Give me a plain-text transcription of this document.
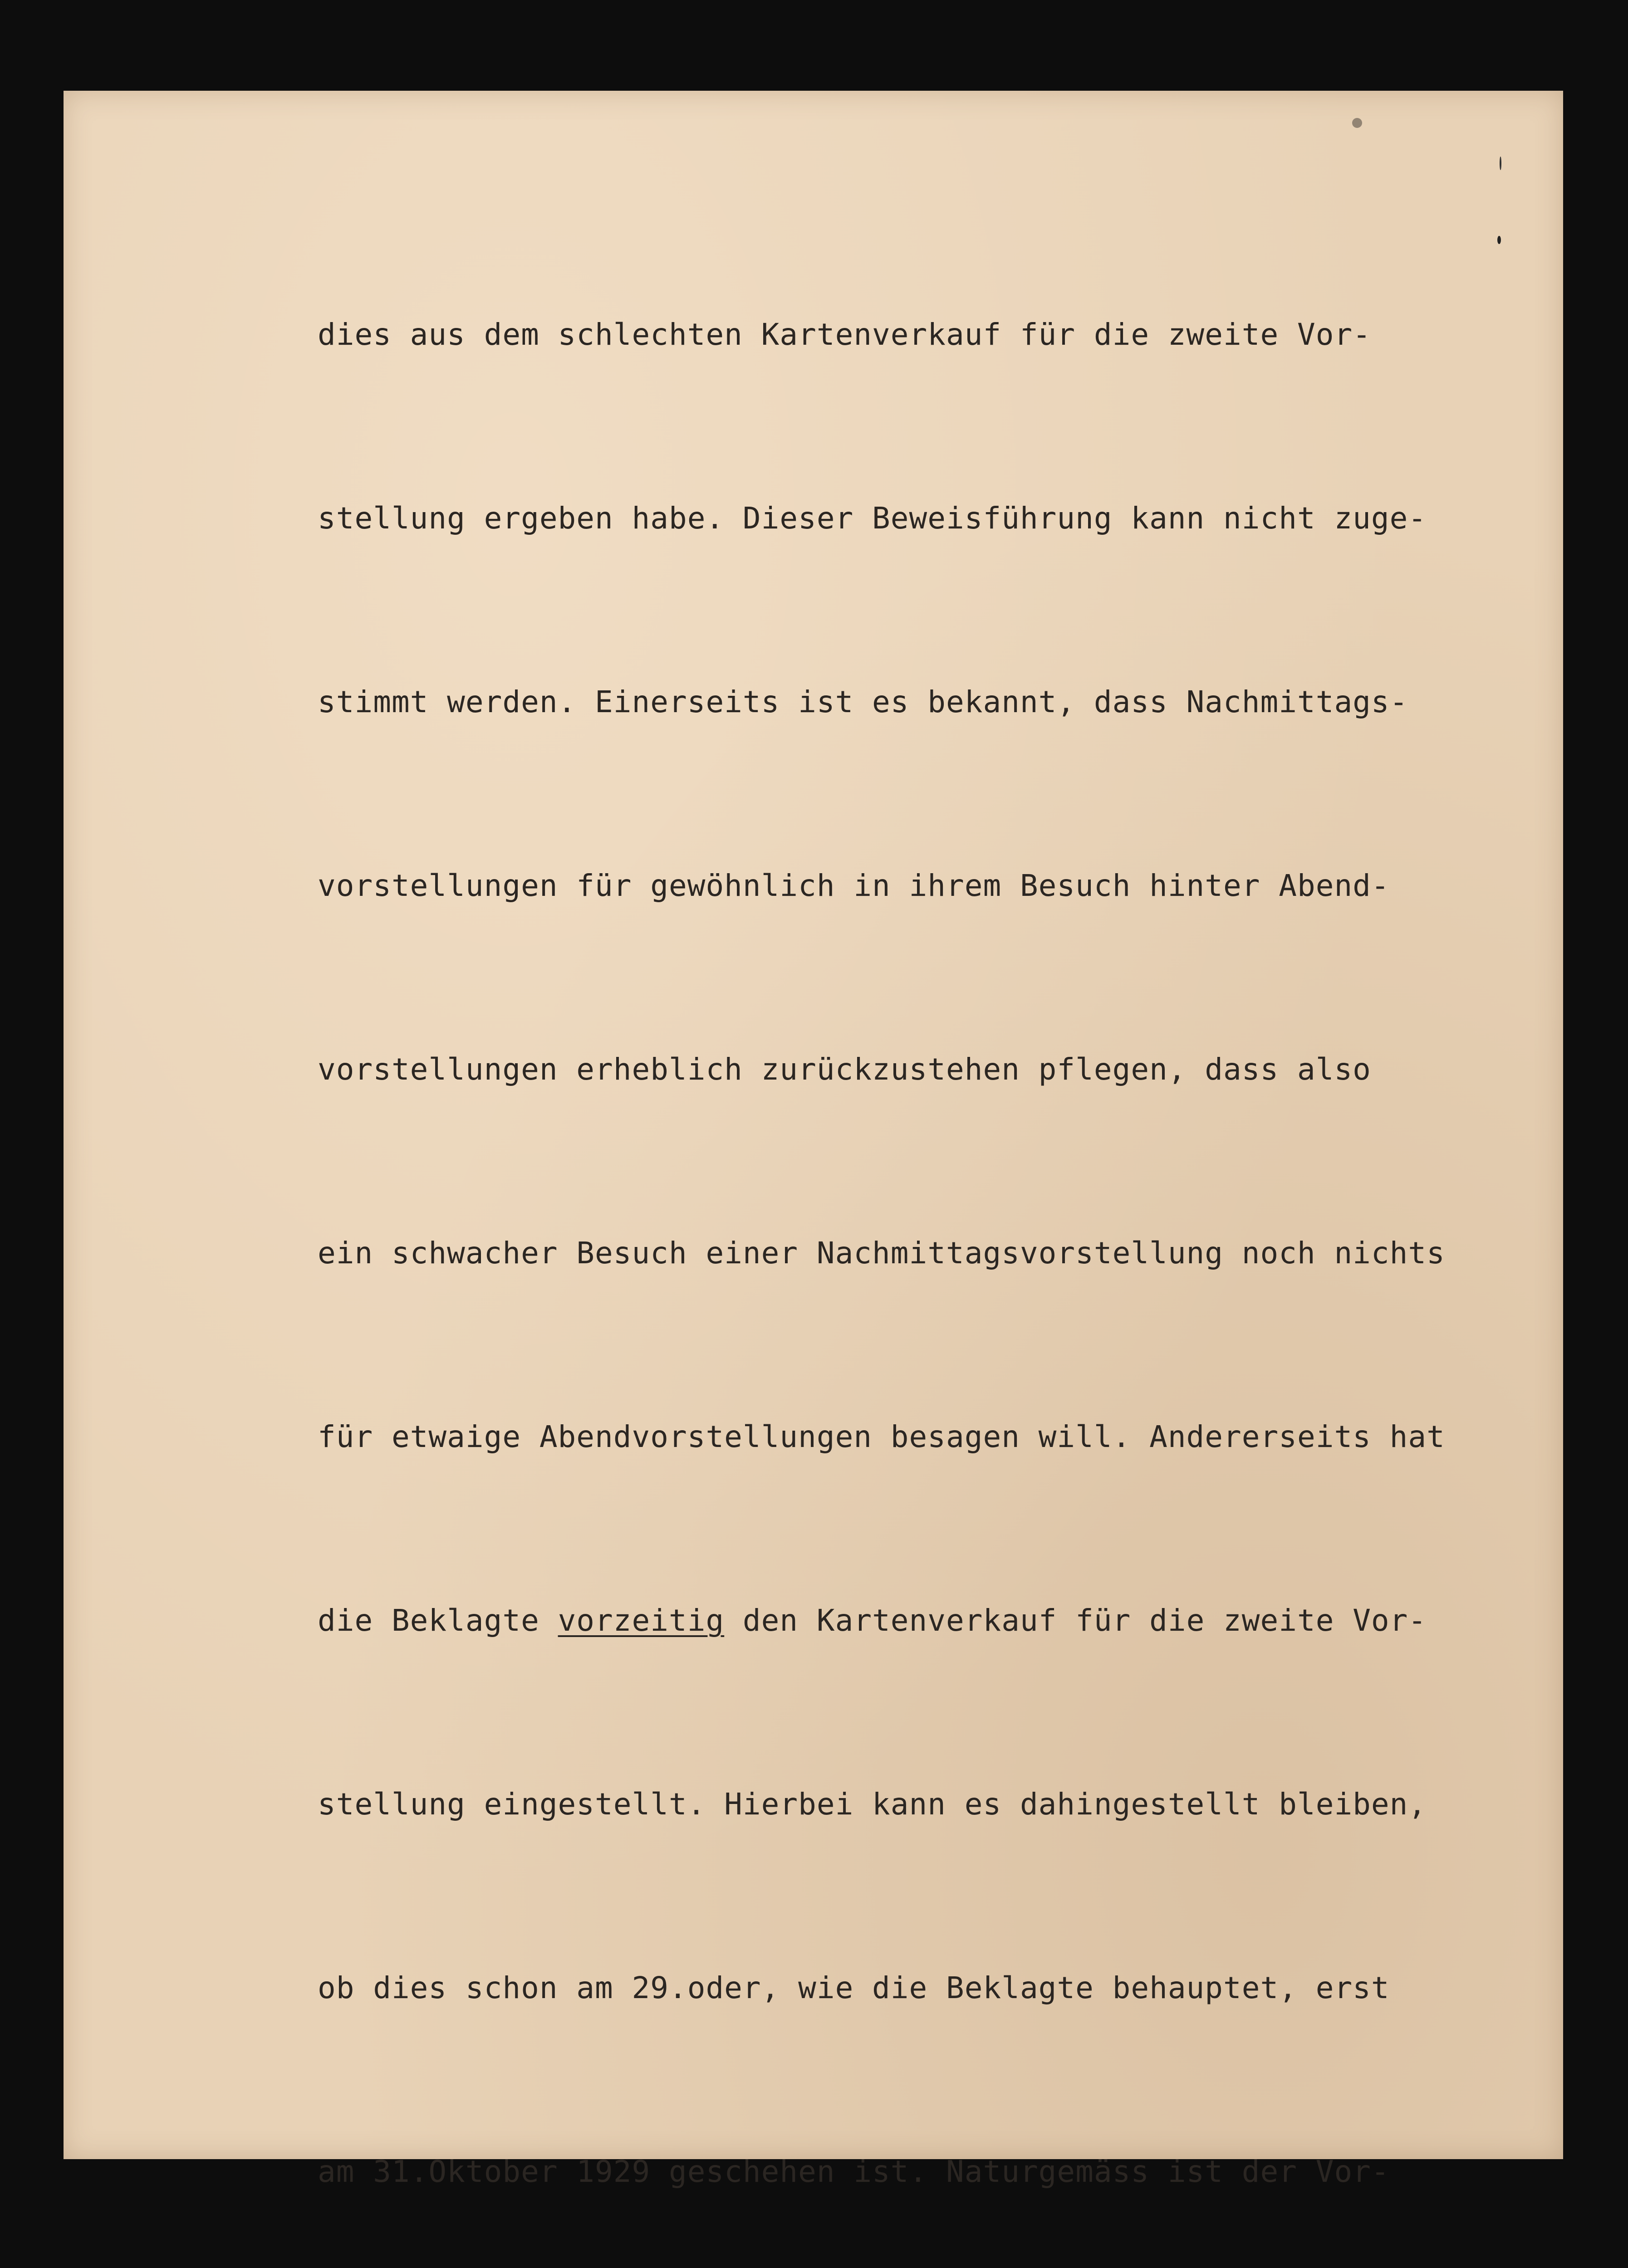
dies aus dem schlechten Kartenverkauf für die zweite Vor-

stellung ergeben habe. Dieser Beweisführung kann nicht zuge-

stimmt werden. Einerseits ist es bekannt, dass Nachmittags-

vorstellungen für gewöhnlich in ihrem Besuch hinter Abend-

vorstellungen erheblich zurückzustehen pflegen, dass also

ein schwacher Besuch einer Nachmittagsvorstellung noch nichts

für etwaige Abendvorstellungen besagen will. Andererseits hat

die Beklagte vorzeitig den Kartenverkauf für die zweite Vor-

stellung eingestellt. Hierbei kann es dahingestellt bleiben,

ob dies schon am 29.oder, wie die Beklagte behauptet, erst

am 31.Oktober 1929 geschehen ist. Naturgemäss ist der Vor-
